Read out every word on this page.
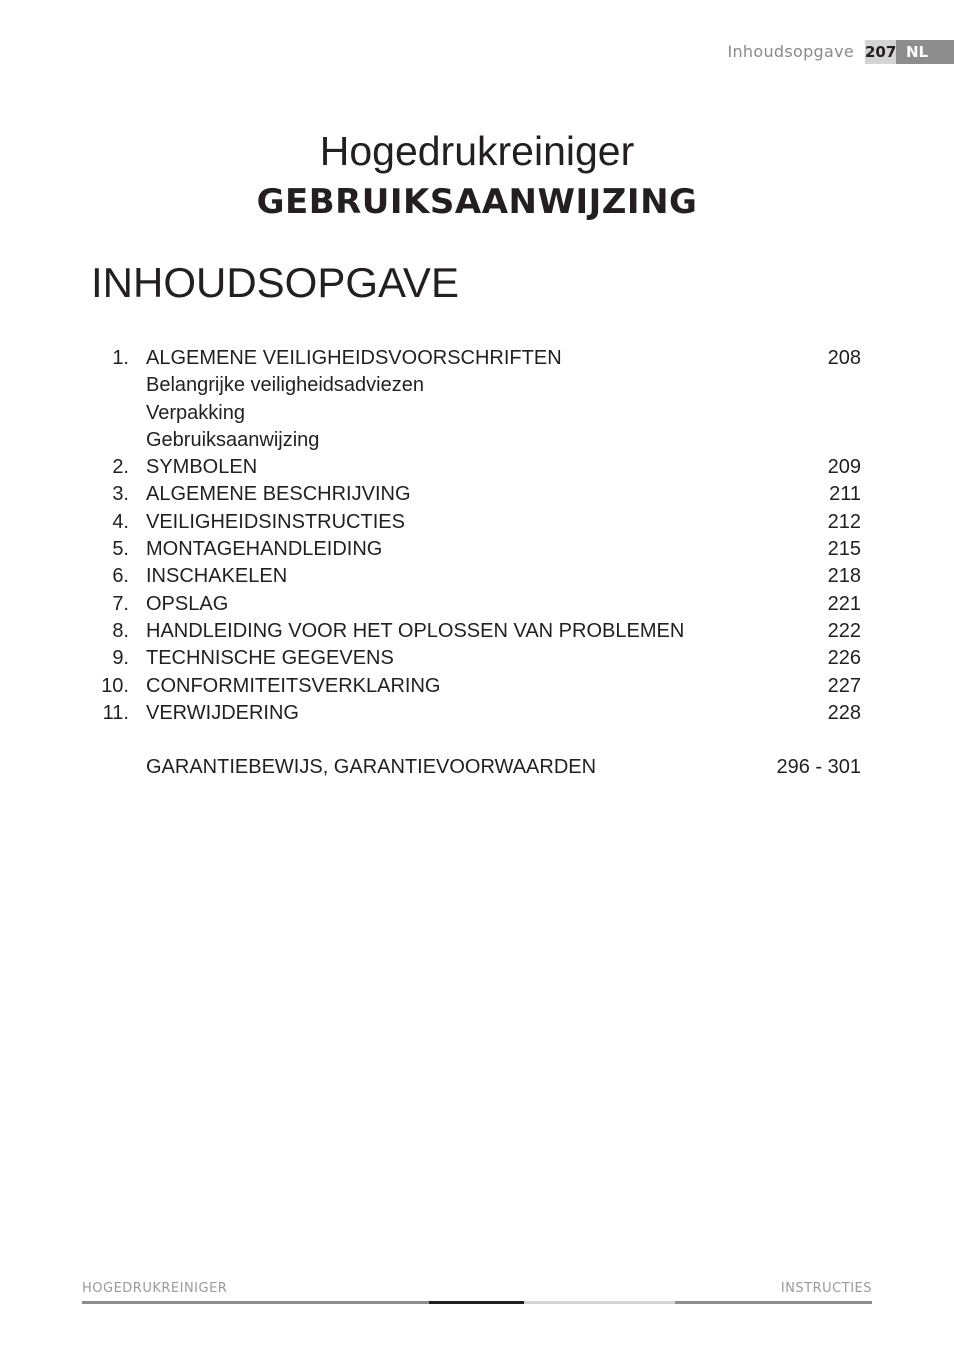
Inhoudsopgave 207 NL
Hogedrukreiniger
GEBRUIKSAANWIJZING
INHOUDSOPGAVE
1. ALGEMENE VEILIGHEIDSVOORSCHRIFTEN	208
Belangrijke veiligheidsadviezen
Verpakking
Gebruiksaanwijzing
2. SYMBOLEN	209
3. ALGEMENE BESCHRIJVING	211
4. VEILIGHEIDSINSTRUCTIES	212
5. MONTAGEHANDLEIDING	215
6. INSCHAKELEN	218
7. OPSLAG	221
8. HANDLEIDING VOOR HET OPLOSSEN VAN PROBLEMEN	222
9. TECHNISCHE GEGEVENS	226
10. CONFORMITEITSVERKLARING	227
11. VERWIJDERING	228
GARANTIEBEWIJS, GARANTIEVOORWAARDEN	296 - 301
HOGEDRUKREINIGER	INSTRUCTIES
